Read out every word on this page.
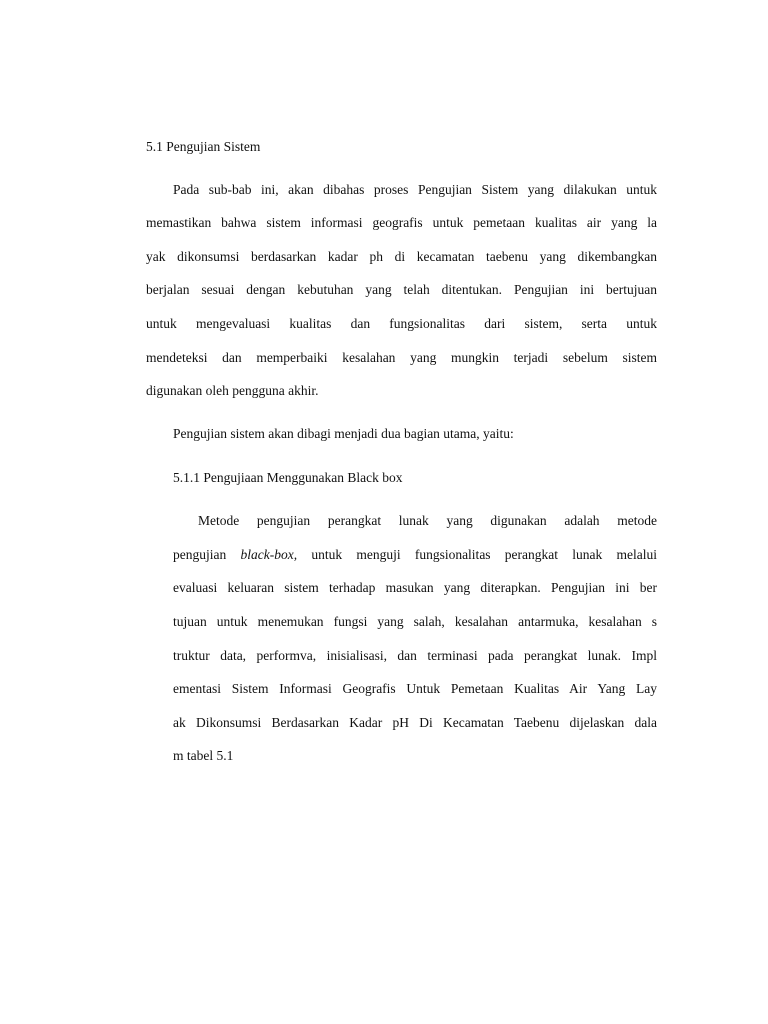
5.1 Pengujian Sistem
Pada sub-bab ini, akan dibahas proses Pengujian Sistem yang dilakukan untuk
memastikan bahwa sistem informasi geografis untuk pemetaan kualitas air yang la
yak dikonsumsi berdasarkan kadar ph di kecamatan taebenu yang dikembangkan
berjalan sesuai dengan kebutuhan yang telah ditentukan. Pengujian ini bertujuan
untuk mengevaluasi kualitas dan fungsionalitas dari sistem, serta untuk
mendeteksi dan memperbaiki kesalahan yang mungkin terjadi sebelum sistem
digunakan oleh pengguna akhir.
Pengujian sistem akan dibagi menjadi dua bagian utama, yaitu:
5.1.1 Pengujiaan Menggunakan Black box
Metode pengujian perangkat lunak yang digunakan adalah metode
pengujian black-box, untuk menguji fungsionalitas perangkat lunak melalui
evaluasi keluaran sistem terhadap masukan yang diterapkan. Pengujian ini ber
tujuan untuk menemukan fungsi yang salah, kesalahan antarmuka, kesalahan s
truktur data, performva, inisialisasi, dan terminasi pada perangkat lunak. Impl
ementasi Sistem Informasi Geografis Untuk Pemetaan Kualitas Air Yang Lay
ak Dikonsumsi Berdasarkan Kadar pH Di Kecamatan Taebenu dijelaskan dala
m tabel 5.1
